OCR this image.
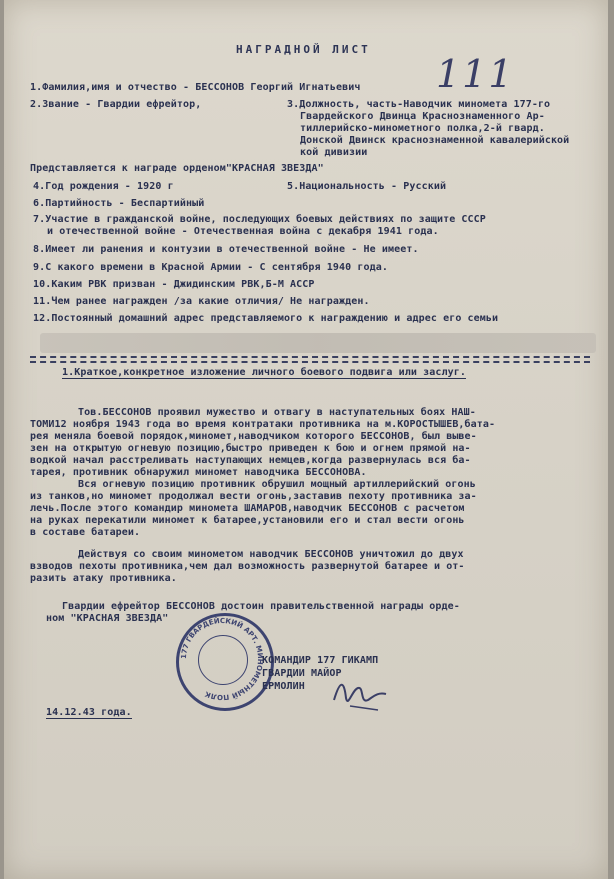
111

НАГРАДНОЙ ЛИСТ

1.Фамилия,имя и отчество - БЕССОНОВ Георгий Игнатьевич

2.Звание - Гвардии ефрейтор,	3.Должность, часть-Наводчик миномета 177-го

Гвардейского Двинца Краснознаменного Ар-

тиллерийско-минометного полка,2-й гвард.

Донской Двинск краснознаменной кавалерийской

кой дивизии

Представляется к награде орденом"КРАСНАЯ ЗВЕЗДА"

4.Год рождения - 1920 г	5.Национальность - Русский

6.Партийность - Беспартийный

7.Участие в гражданской войне, последующих боевых действиях по защите СССР

и отечественной войне - Отечественная война с декабря 1941 года.

8.Имеет ли ранения и контузии в отечественной войне - Не имеет.

9.С какого времени в Красной Армии - С сентября 1940 года.

10.Каким РВК призван - Джидинским РВК,Б-М АССР

11.Чем ранее награжден /за какие отличия/ Не награжден.

12.Постоянный домашний адрес представляемого к награждению и адрес его семьи

1.Краткое,конкретное изложение личного боевого подвига или заслуг.

Тов.БЕССОНОВ проявил мужество и отвагу в наступательных боях НАШ-

ТОМИ12 ноября 1943 года во время контратаки противника на м.КОРОСТЫШЕВ,бата-

рея меняла боевой порядок,миномет,наводчиком которого БЕССОНОВ, был выве-

зен на открытую огневую позицию,быстро приведен к бою и огнем прямой на-

водкой начал расстреливать наступающих немцев,когда развернулась вся ба-

тарея, противник обнаружил миномет наводчика БЕССОНОВА.

Вся огневую позицию противник обрушил мощный артиллерийский огонь

из танков,но миномет продолжал вести огонь,заставив пехоту противника за-

лечь.После этого командир миномета ШАМАРОВ,наводчик БЕССОНОВ с расчетом

на руках перекатили миномет к батарее,установили его и стал вести огонь

в составе батареи.

Действуя со своим минометом наводчик БЕССОНОВ уничтожил до двух

взводов пехоты противника,чем дал возможность развернутой батарее и от-

разить атаку противника.

Гвардии ефрейтор БЕССОНОВ достоин правительственной награды орде-

ном "КРАСНАЯ ЗВЕЗДА"

177 ГВАРДЕЙСКИЙ АРТ. МИНОМЕТНЫЙ ПОЛК

КОМАНДИР 177 ГИКАМП

ГВАРДИИ МАЙОР

ЕРМОЛИН

14.12.43 года.
